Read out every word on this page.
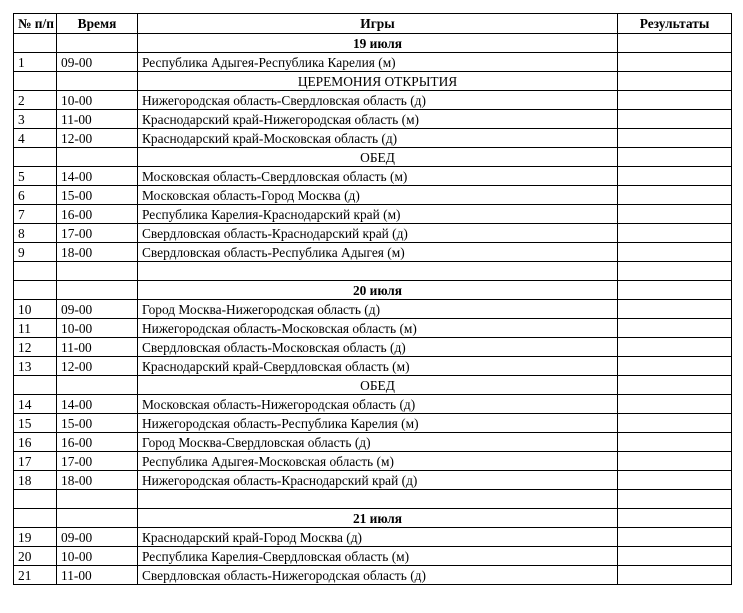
№ п/п	Время	Игры	Результаты
		19 июля	
1	09-00	Республика Адыгея-Республика Карелия (м)	
		ЦЕРЕМОНИЯ ОТКРЫТИЯ	
2	10-00	Нижегородская область-Свердловская область (д)	
3	11-00	Краснодарский край-Нижегородская область (м)	
4	12-00	Краснодарский край-Московская область (д)	
		ОБЕД	
5	14-00	Московская область-Свердловская область (м)	
6	15-00	Московская область-Город Москва (д)	
7	16-00	Республика Карелия-Краснодарский край (м)	
8	17-00	Свердловская область-Краснодарский край (д)	
9	18-00	Свердловская область-Республика Адыгея (м)	

		20 июля	
10	09-00	Город Москва-Нижегородская область (д)	
11	10-00	Нижегородская область-Московская область (м)	
12	11-00	Свердловская область-Московская область (д)	
13	12-00	Краснодарский край-Свердловская область (м)	
		ОБЕД	
14	14-00	Московская область-Нижегородская область (д)	
15	15-00	Нижегородская область-Республика Карелия (м)	
16	16-00	Город Москва-Свердловская область (д)	
17	17-00	Республика Адыгея-Московская область (м)	
18	18-00	Нижегородская область-Краснодарский край (д)	

		21 июля	
19	09-00	Краснодарский край-Город Москва (д)	
20	10-00	Республика Карелия-Свердловская область (м)	
21	11-00	Свердловская область-Нижегородская область (д)	
